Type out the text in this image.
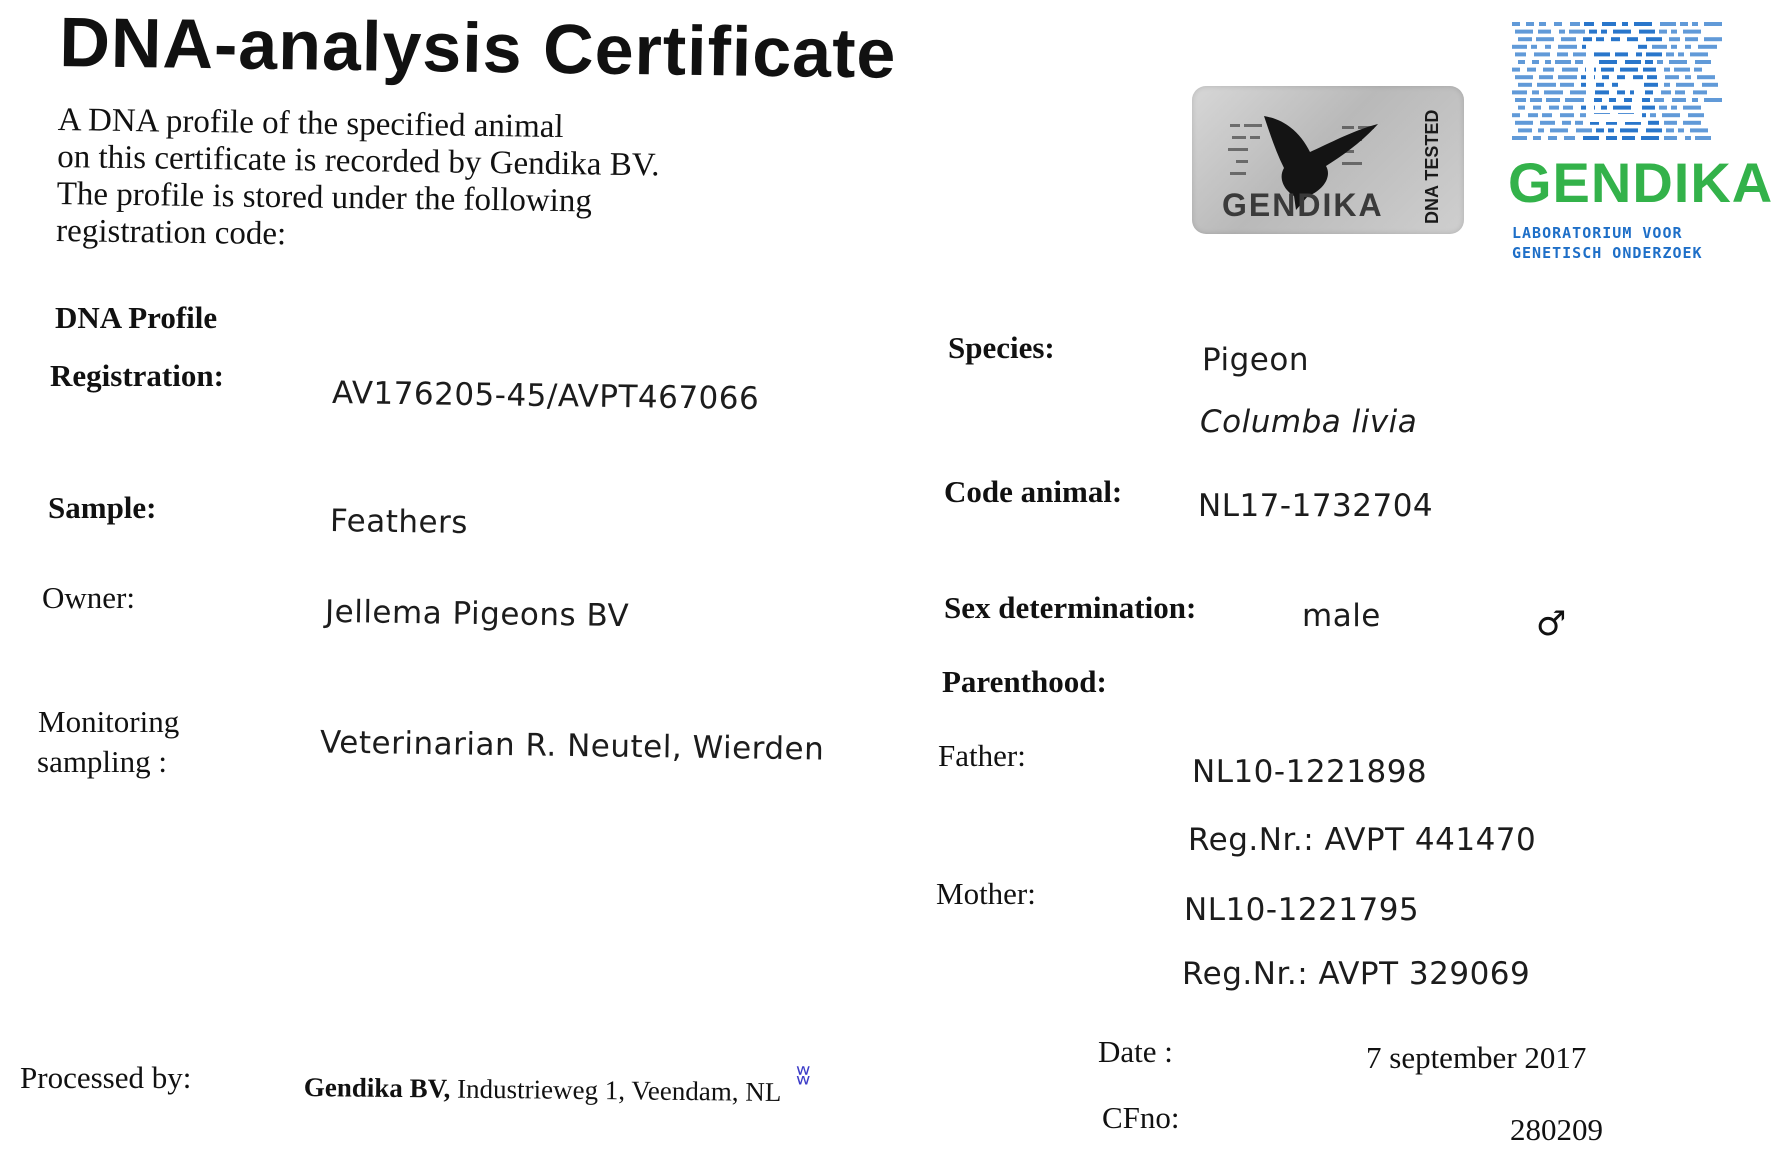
DNA-analysis Certificate
A DNA profile of the specified animal
on this certificate is recorded by Gendika BV.
The profile is stored under the following
registration code:
GENDIKA DNA TESTED GENDIKA
LABORATORIUM VOOR
GENETISCH ONDERZOEK
DNA Profile
Registration:	AV176205-45/AVPT467066
Sample:	Feathers
Owner:	Jellema Pigeons BV
Monitoring
sampling :	Veterinarian R. Neutel, Wierden
Species:	Pigeon
Columba livia
Code animal: NL17-1732704
Sex determination:	male	♂
Parenthood:
Father:	NL10-1221898
Reg.Nr.: AVPT 441470
Mother:	NL10-1221795
Reg.Nr.: AVPT 329069
Processed by:	Gendika BV, Industrieweg 1, Veendam, NL ʬ
Date :	7 september 2017
CFno:	280209
